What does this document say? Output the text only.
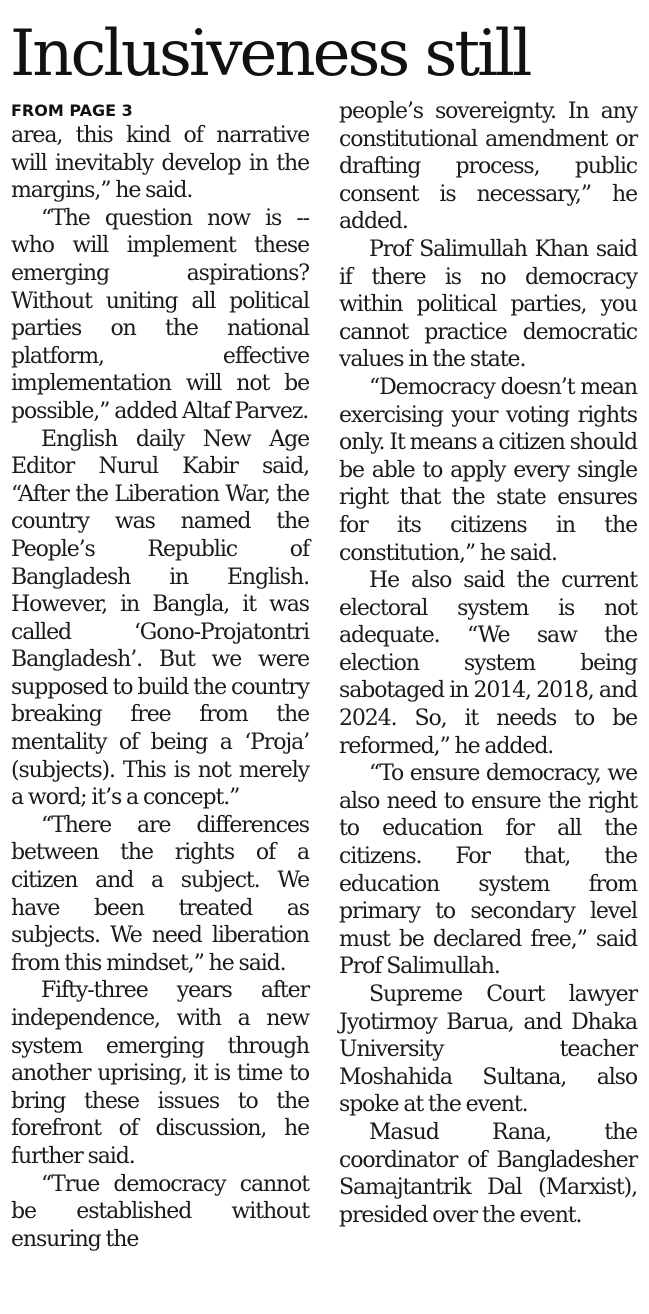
Inclusiveness still
FROM PAGE 3

area, this kind of narrative will inevitably develop in the margins,” he said.

“The question now is -- who will implement these emerging aspirations? Without uniting all political parties on the national platform, effective implementation will not be possible,” added Altaf Parvez.

English daily New Age Editor Nurul Kabir said, “After the Liberation War, the country was named the People’s Republic of Bangladesh in English. However, in Bangla, it was called ‘Gono-Projatontri Bangladesh’. But we were supposed to build the country breaking free from the mentality of being a ‘Proja’ (subjects). This is not merely a word; it’s a concept.”

“There are differences between the rights of a citizen and a subject. We have been treated as subjects. We need liberation from this mindset,” he said.

Fifty-three years after independence, with a new system emerging through another uprising, it is time to bring these issues to the forefront of discussion, he further said.

“True democracy cannot be established without ensuring the

people’s sovereignty. In any constitutional amendment or drafting process, public consent is necessary,” he added.

Prof Salimullah Khan said if there is no democracy within political parties, you cannot practice democratic values in the state.

“Democracy doesn’t mean exercising your voting rights only. It means a citizen should be able to apply every single right that the state ensures for its citizens in the constitution,” he said.

He also said the current electoral system is not adequate. “We saw the election system being sabotaged in 2014, 2018, and 2024. So, it needs to be reformed,” he added.

“To ensure democracy, we also need to ensure the right to education for all the citizens. For that, the education system from primary to secondary level must be declared free,” said Prof Salimullah.

Supreme Court lawyer Jyotirmoy Barua, and Dhaka University teacher Moshahida Sultana, also spoke at the event.

Masud Rana, the coordinator of Bangladesher Samajtantrik Dal (Marxist), presided over the event.
